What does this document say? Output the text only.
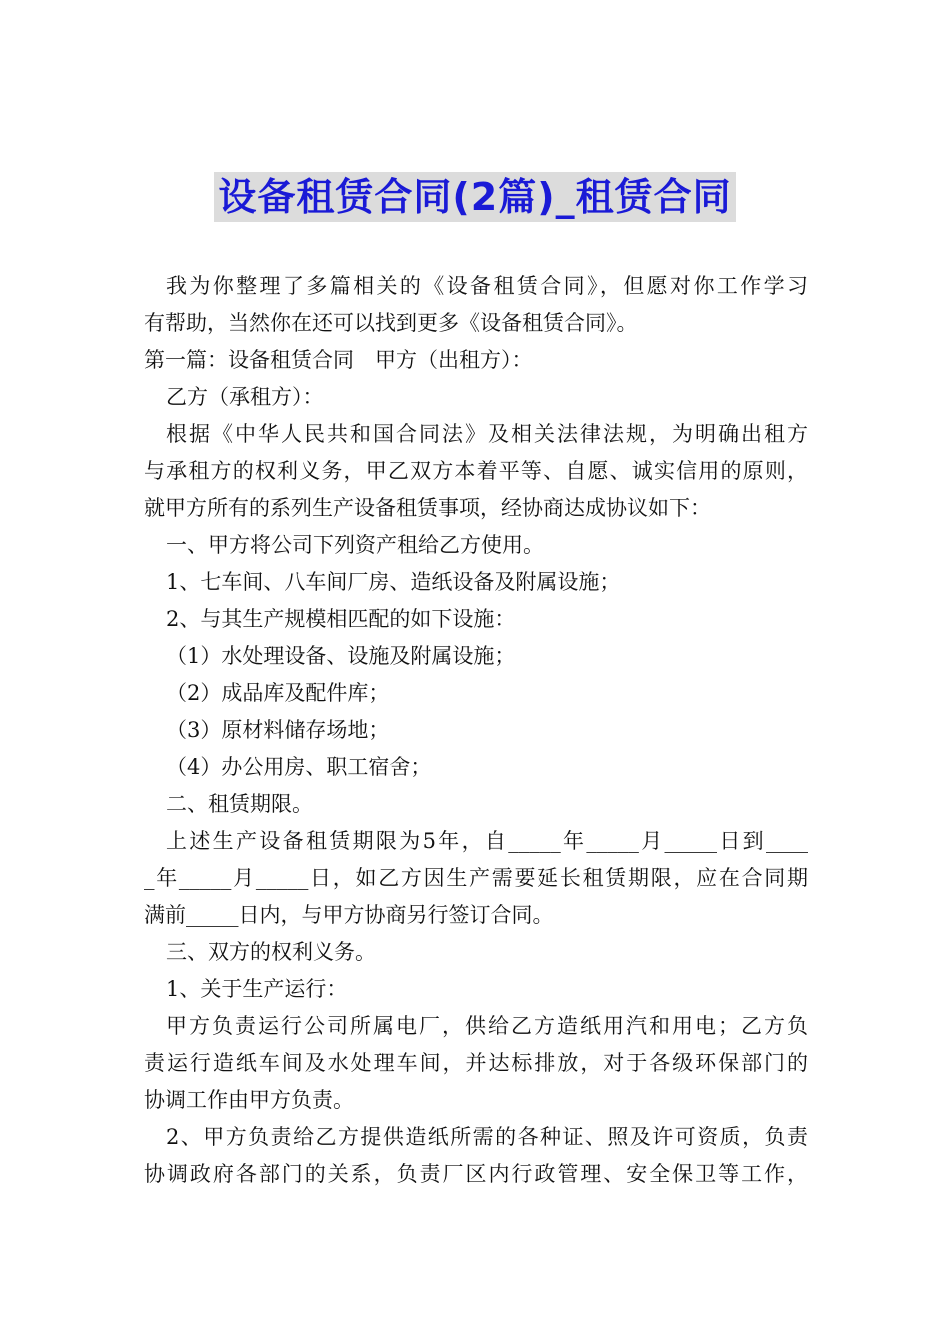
设备租赁合同(2篇)_租赁合同
我为你整理了多篇相关的《设备租赁合同》，但愿对你工作学习
有帮助，当然你在还可以找到更多《设备租赁合同》。
第一篇：设备租赁合同　甲方（出租方）：
乙方（承租方）：
根据《中华人民共和国合同法》及相关法律法规，为明确出租方
与承租方的权利义务，甲乙双方本着平等、自愿、诚实信用的原则，
就甲方所有的系列生产设备租赁事项，经协商达成协议如下：
一、甲方将公司下列资产租给乙方使用。
1、七车间、八车间厂房、造纸设备及附属设施；
2、与其生产规模相匹配的如下设施：
（1）水处理设备、设施及附属设施；
（2）成品库及配件库；
（3）原材料储存场地；
（4）办公用房、职工宿舍；
二、租赁期限。
上述生产设备租赁期限为5年，自_____年_____月_____日到____
_年_____月_____日，如乙方因生产需要延长租赁期限，应在合同期
满前_____日内，与甲方协商另行签订合同。
三、双方的权利义务。
1、关于生产运行：
甲方负责运行公司所属电厂，供给乙方造纸用汽和用电；乙方负
责运行造纸车间及水处理车间，并达标排放，对于各级环保部门的
协调工作由甲方负责。
2、甲方负责给乙方提供造纸所需的各种证、照及许可资质，负责
协调政府各部门的关系，负责厂区内行政管理、安全保卫等工作，
